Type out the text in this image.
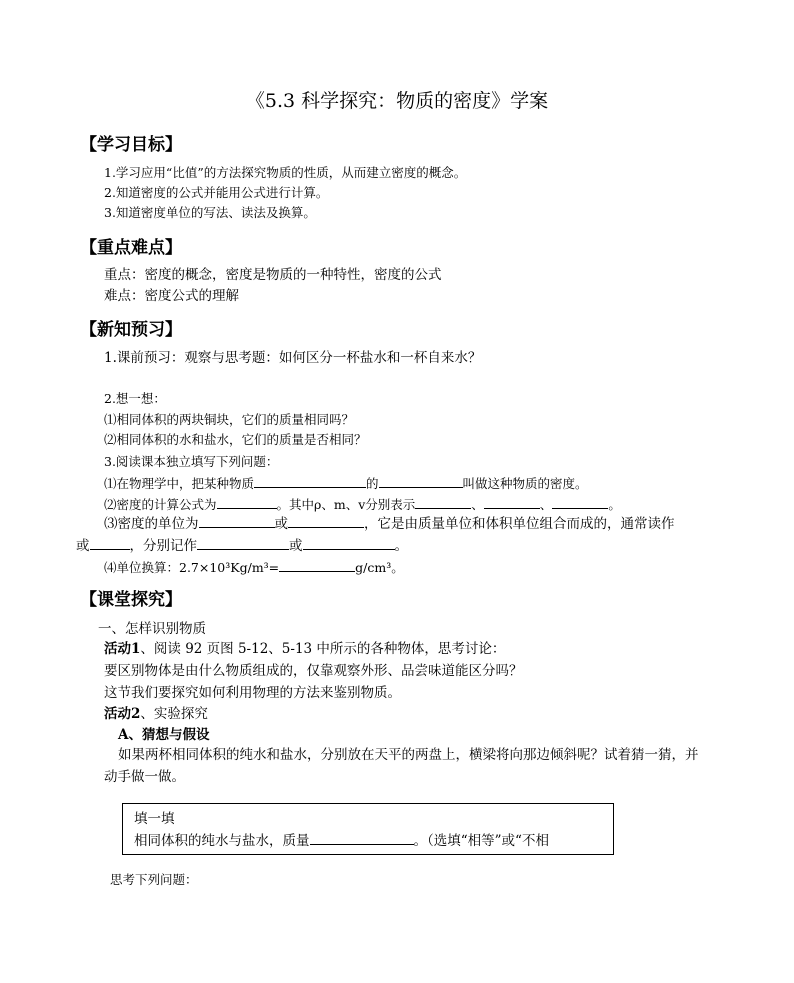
《5.3 科学探究：物质的密度》学案
【学习目标】
1.学习应用“比值”的方法探究物质的性质，从而建立密度的概念。
2.知道密度的公式并能用公式进行计算。
3.知道密度单位的写法、读法及换算。
【重点难点】
重点：密度的概念，密度是物质的一种特性，密度的公式
难点：密度公式的理解
【新知预习】
1.课前预习：观察与思考题：如何区分一杯盐水和一杯自来水？
2.想一想：
⑴相同体积的两块铜块，它们的质量相同吗？
⑵相同体积的水和盐水，它们的质量是否相同？
3.阅读课本独立填写下列问题：
⑴在物理学中，把某种物质	的	叫做这种物质的密度。
⑵密度的计算公式为	。其中ρ、m、v分别表示	、	、	。
⑶密度的单位为	或	，它是由质量单位和体积单位组合而成的，通常读作
或	，分别记作	或	。
⑷单位换算：2.7×10³Kg/m³=	g/cm³。
【课堂探究】
一、怎样识别物质
活动1、阅读 92 页图 5-12、5-13 中所示的各种物体，思考讨论：
要区别物体是由什么物质组成的，仅靠观察外形、品尝味道能区分吗？
这节我们要探究如何利用物理的方法来鉴别物质。
活动2、实验探究
A、猜想与假设
如果两杯相同体积的纯水和盐水，分别放在天平的两盘上，横梁将向那边倾斜呢？试着猜一猜，并
动手做一做。
填一填
相同体积的纯水与盐水，质量	。（选填“相等”或“不相
思考下列问题：
